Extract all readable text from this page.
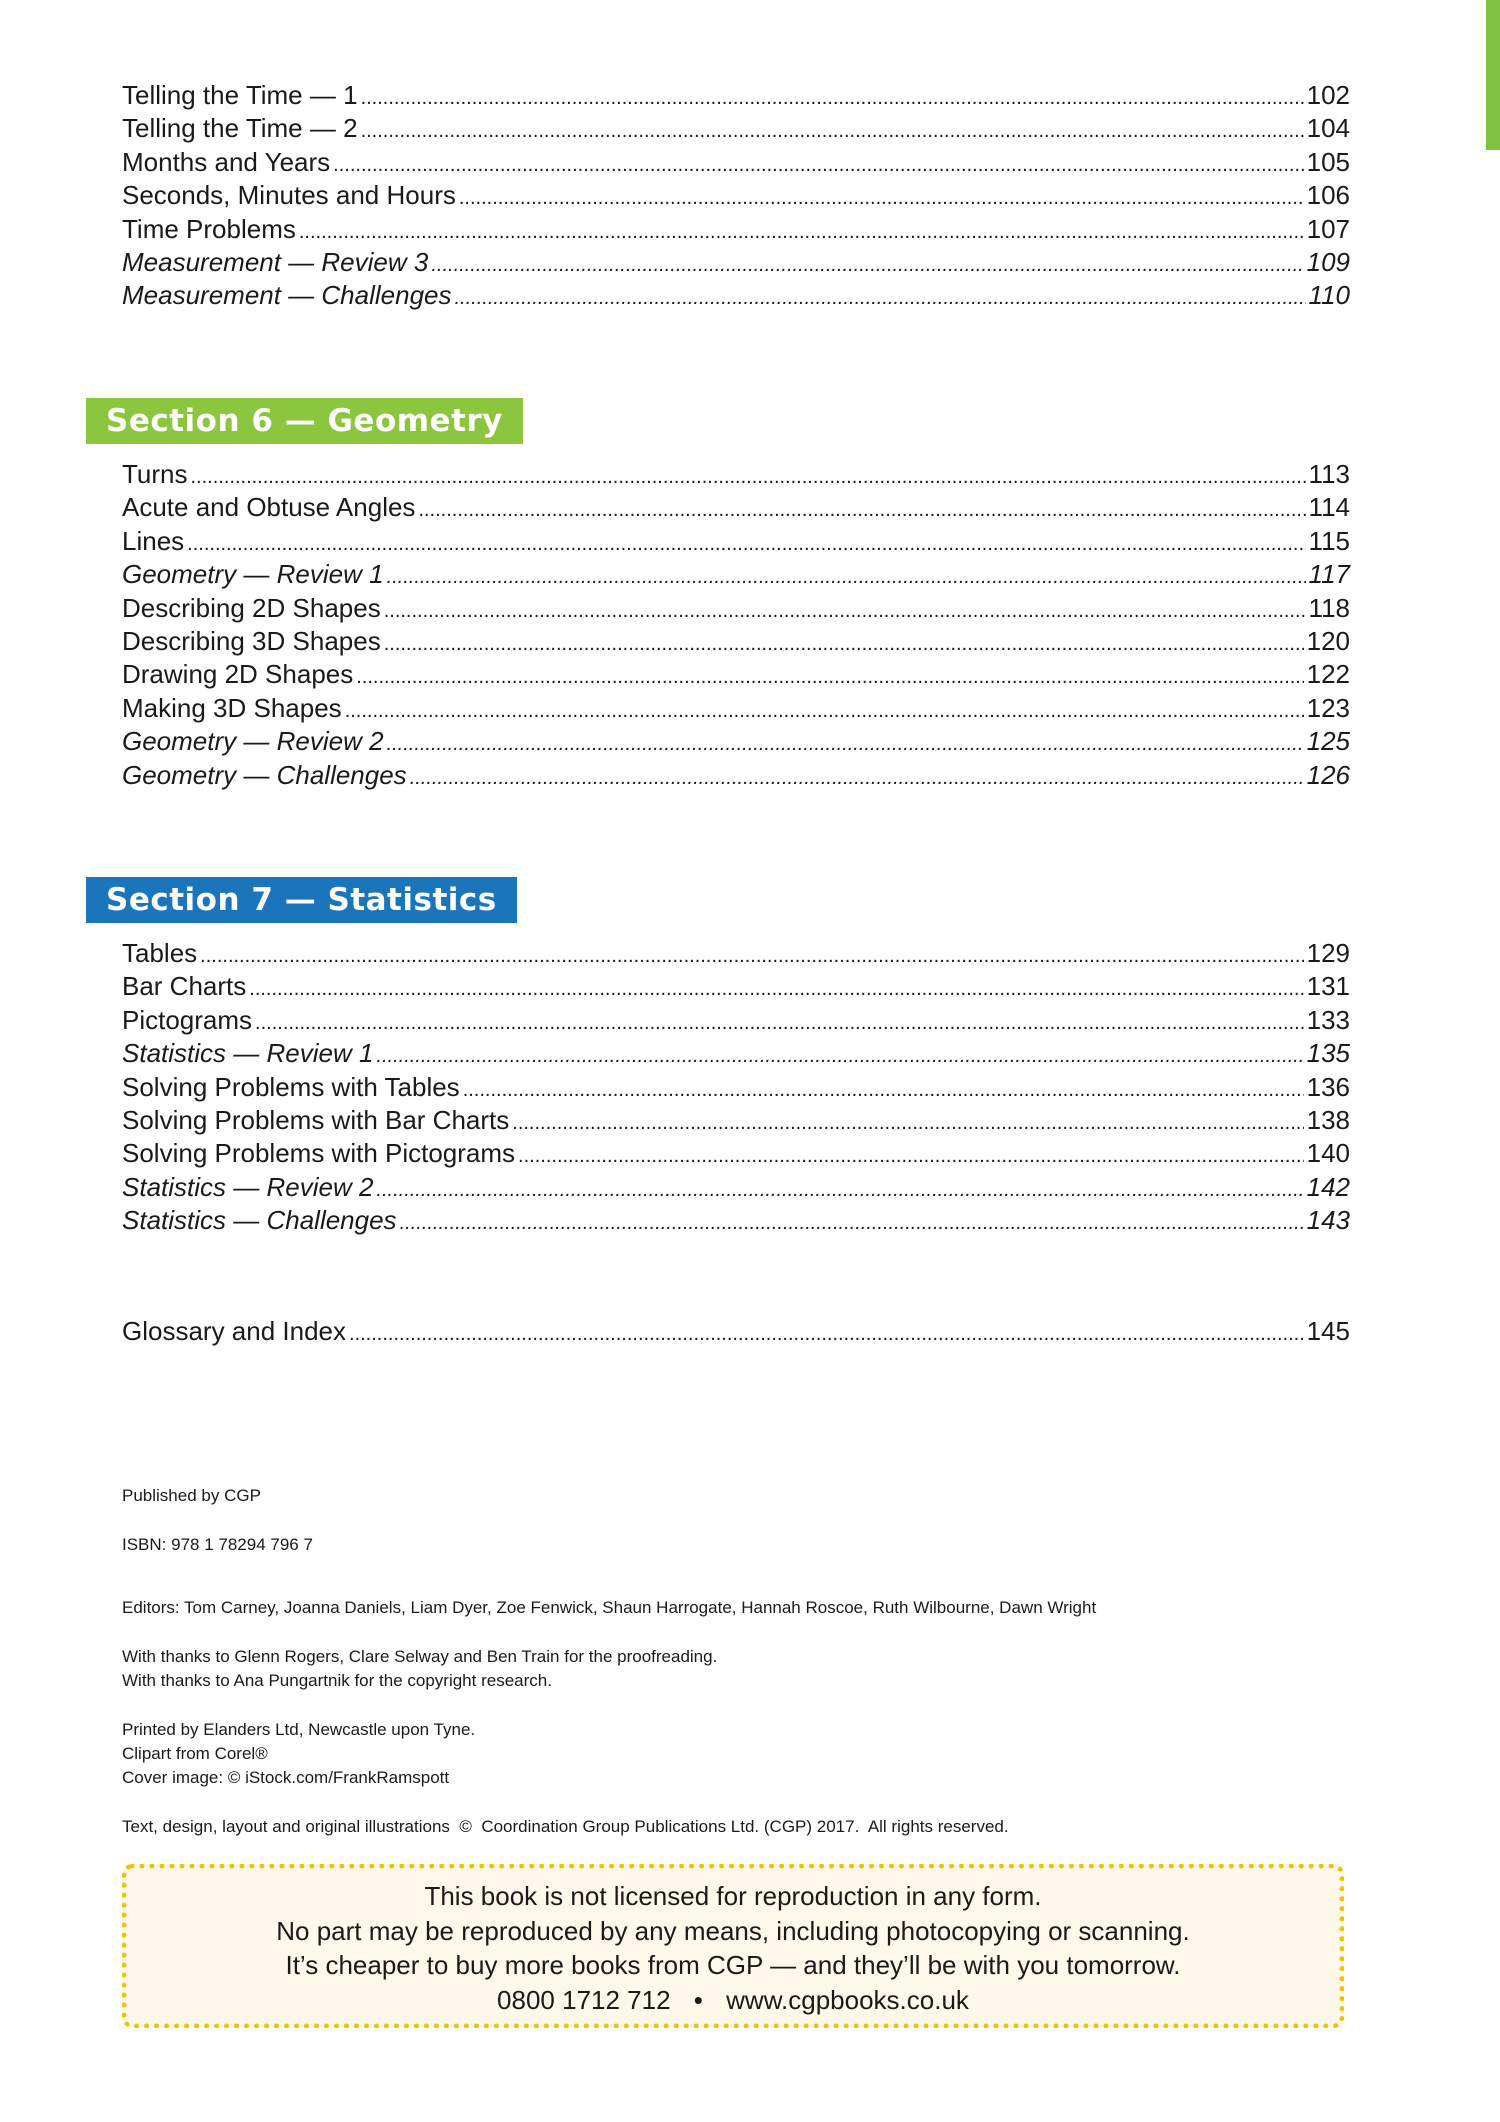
Telling the Time — 1 .....	102
Telling the Time — 2 .....	104
Months and Years .....	105
Seconds, Minutes and Hours .....	106
Time Problems .....	107
Measurement — Review 3 .....	109
Measurement — Challenges .....	110
Section 6 — Geometry
Turns .....	113
Acute and Obtuse Angles .....	114
Lines .....	115
Geometry — Review 1 .....	117
Describing 2D Shapes .....	118
Describing 3D Shapes .....	120
Drawing 2D Shapes .....	122
Making 3D Shapes .....	123
Geometry — Review 2 .....	125
Geometry — Challenges .....	126
Section 7 — Statistics
Tables .....	129
Bar Charts .....	131
Pictograms .....	133
Statistics — Review 1 .....	135
Solving Problems with Tables .....	136
Solving Problems with Bar Charts .....	138
Solving Problems with Pictograms .....	140
Statistics — Review 2 .....	142
Statistics — Challenges .....	143
Glossary and Index .....	145
Published by CGP
ISBN: 978 1 78294 796 7
Editors: Tom Carney, Joanna Daniels, Liam Dyer, Zoe Fenwick, Shaun Harrogate, Hannah Roscoe, Ruth Wilbourne, Dawn Wright
With thanks to Glenn Rogers, Clare Selway and Ben Train for the proofreading.
With thanks to Ana Pungartnik for the copyright research.
Printed by Elanders Ltd, Newcastle upon Tyne.
Clipart from Corel®
Cover image: © iStock.com/FrankRamspott
Text, design, layout and original illustrations  ©  Coordination Group Publications Ltd. (CGP) 2017.  All rights reserved.
This book is not licensed for reproduction in any form.
No part may be reproduced by any means, including photocopying or scanning.
It’s cheaper to buy more books from CGP — and they’ll be with you tomorrow.
0800 1712 712 • www.cgpbooks.co.uk
